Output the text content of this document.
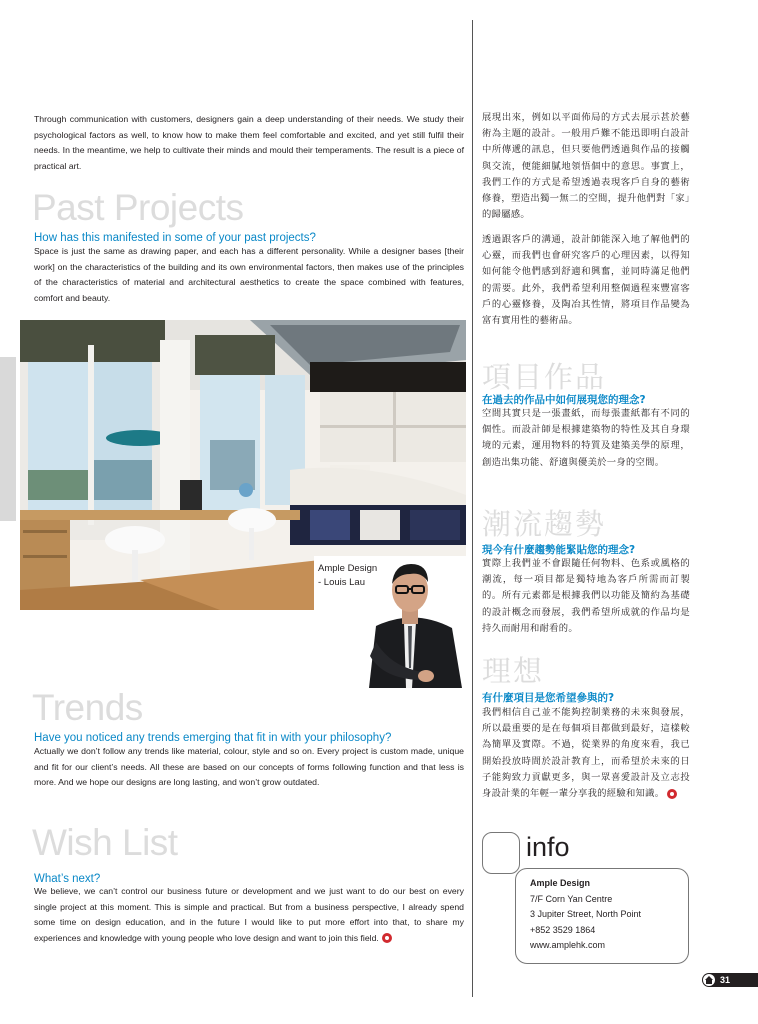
Through communication with customers, designers gain a deep understanding of their needs. We study their psychological factors as well, to know how to make them feel comfortable and excited, and yet still fulfil their needs. In the meantime, we help to cultivate their minds and mould their temperaments. The result is a piece of practical art.
Past Projects
How has this manifested in some of your past projects?
Space is just the same as drawing paper, and each has a different personality. While a designer bases [their work] on the characteristics of the building and its own environmental factors, then makes use of the principles of the characteristics of material and architectural aesthetics to create the space combined with features, comfort and beauty.
Ample Design
- Louis Lau
Trends
Have you noticed any trends emerging that fit in with your philosophy?
Actually we don’t follow any trends like material, colour, style and so on. Every project is custom made, unique and fit for our client’s needs. All these are based on our concepts of forms following function and that less is more. And we hope our designs are long lasting, and won’t grow outdated.
Wish List
What’s next?
We believe, we can’t control our business future or development and we just want to do our best on every single project at this moment. This is simple and practical. But from a business perspective, I already spend some time on design education, and in the future I would like to put more effort into that, to share my experiences and knowledge with young people who love design and want to join this field.
展現出來，例如以平面佈局的方式去展示甚於藝術為主題的設計。一般用戶難不能迅即明白設計中所傳遞的訊息，但只要他們透過與作品的接觸與交流，便能細膩地領悟個中的意思。事實上，我們工作的方式是希望透過表現客戶自身的藝術修養，塑造出獨一無二的空間，提升他們對「家」的歸屬感。
透過跟客戶的溝通，設計師能深入地了解他們的心靈，而我們也會研究客戶的心理因素，以得知如何能令他們感到舒適和興奮，並同時滿足他們的需要。此外，我們希望利用整個過程來豐富客戶的心靈修養，及陶冶其性情，將項目作品變為富有實用性的藝術品。
項目作品
在過去的作品中如何展現您的理念?
空間其實只是一張畫紙，而每張畫紙都有不同的個性。而設計師是根據建築物的特性及其自身環境的元素，運用物料的特質及建築美學的原理，創造出集功能、舒適與優美於一身的空間。
潮流趨勢
現今有什麼趨勢能緊貼您的理念?
實際上我們並不會跟隨任何物料、色系或風格的潮流，每一項目都是獨特地為客戶所需而訂製的。所有元素都是根據我們以功能及簡約為基礎的設計概念而發展，我們希望所成就的作品均是持久而耐用和耐看的。
理想
有什麼項目是您希望參與的?
我們相信自己並不能夠控制業務的未來與發展，所以最重要的是在每個項目都做到最好，這樣較為簡單及實際。不過，從業界的角度來看，我已開始投放時間於設計教育上，而希望於未來的日子能夠致力貢獻更多，與一眾喜愛設計及立志投身設計業的年輕一輩分享我的經驗和知識。
info
Ample Design
7/F Corn Yan Centre
3 Jupiter Street, North Point
+852 3529 1864
www.amplehk.com
31
